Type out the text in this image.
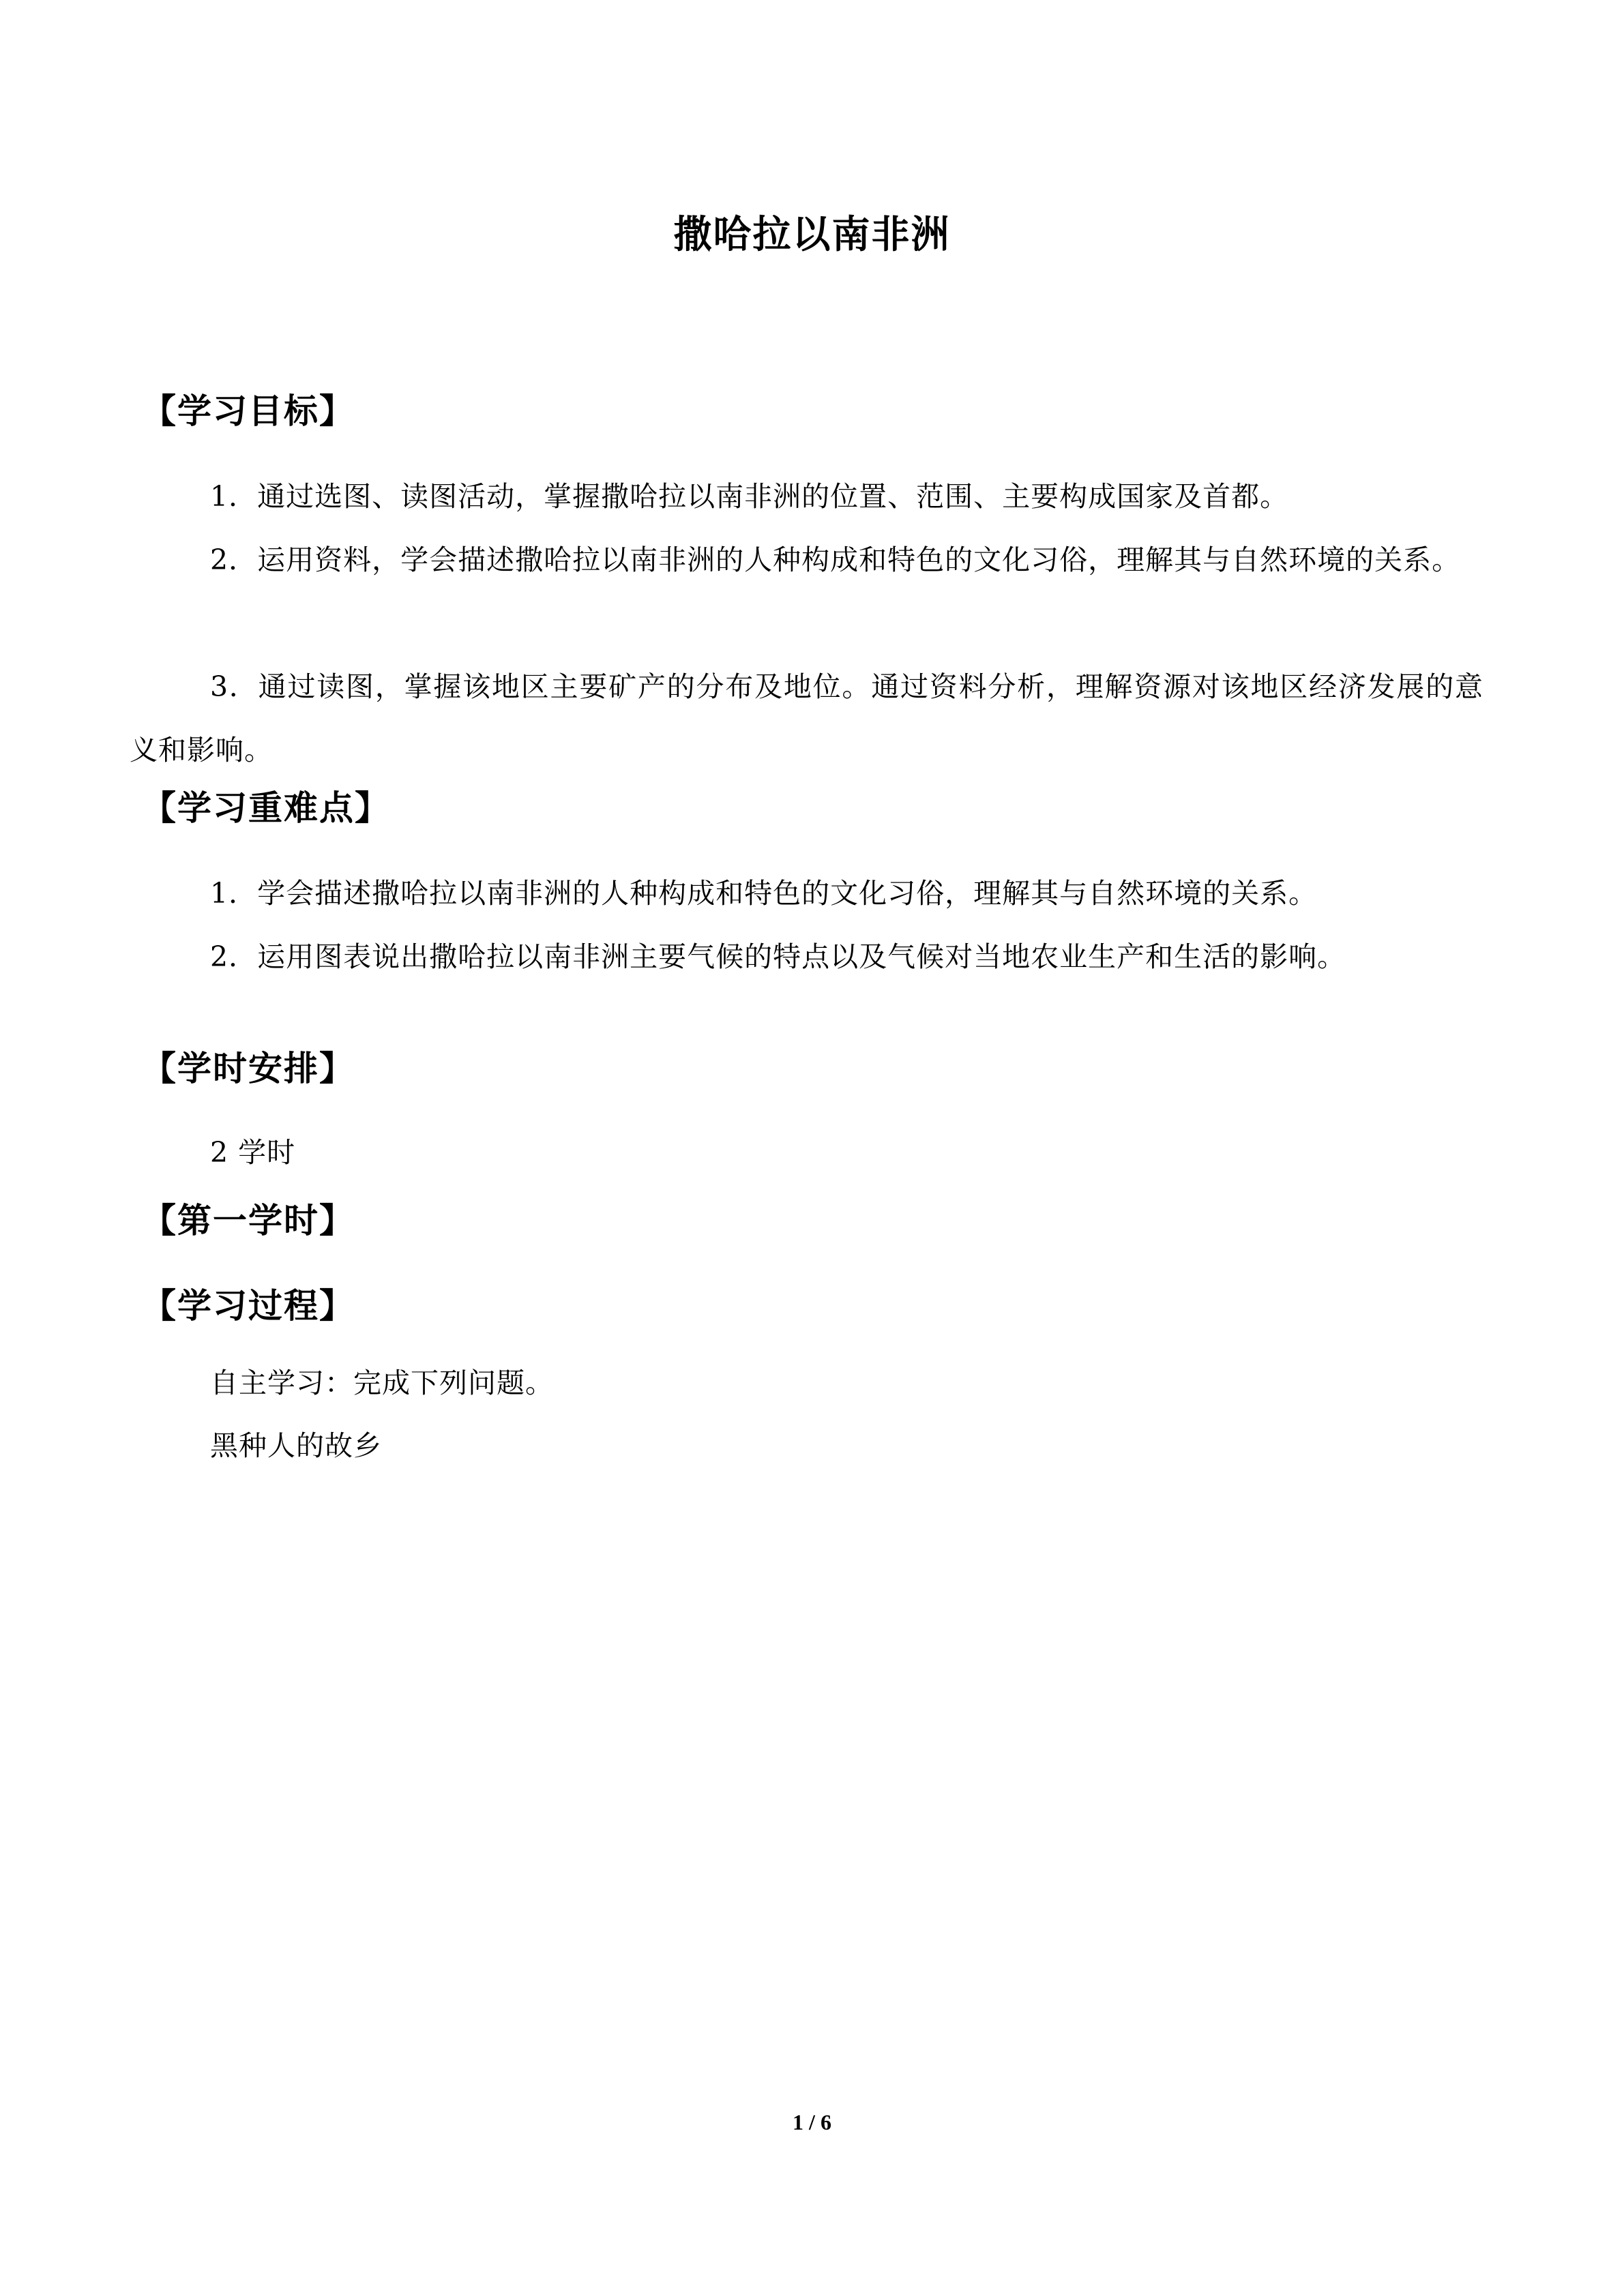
撒哈拉以南非洲
【学习目标】
1．通过选图、读图活动，掌握撒哈拉以南非洲的位置、范围、主要构成国家及首都。
2．运用资料，学会描述撒哈拉以南非洲的人种构成和特色的文化习俗，理解其与自然环境的关系。
3．通过读图，掌握该地区主要矿产的分布及地位。通过资料分析，理解资源对该地区经济发展的意义和影响。
【学习重难点】
1．学会描述撒哈拉以南非洲的人种构成和特色的文化习俗，理解其与自然环境的关系。
2．运用图表说出撒哈拉以南非洲主要气候的特点以及气候对当地农业生产和生活的影响。
【学时安排】
2 学时
【第一学时】
【学习过程】
自主学习：完成下列问题。
黑种人的故乡
1 / 6
